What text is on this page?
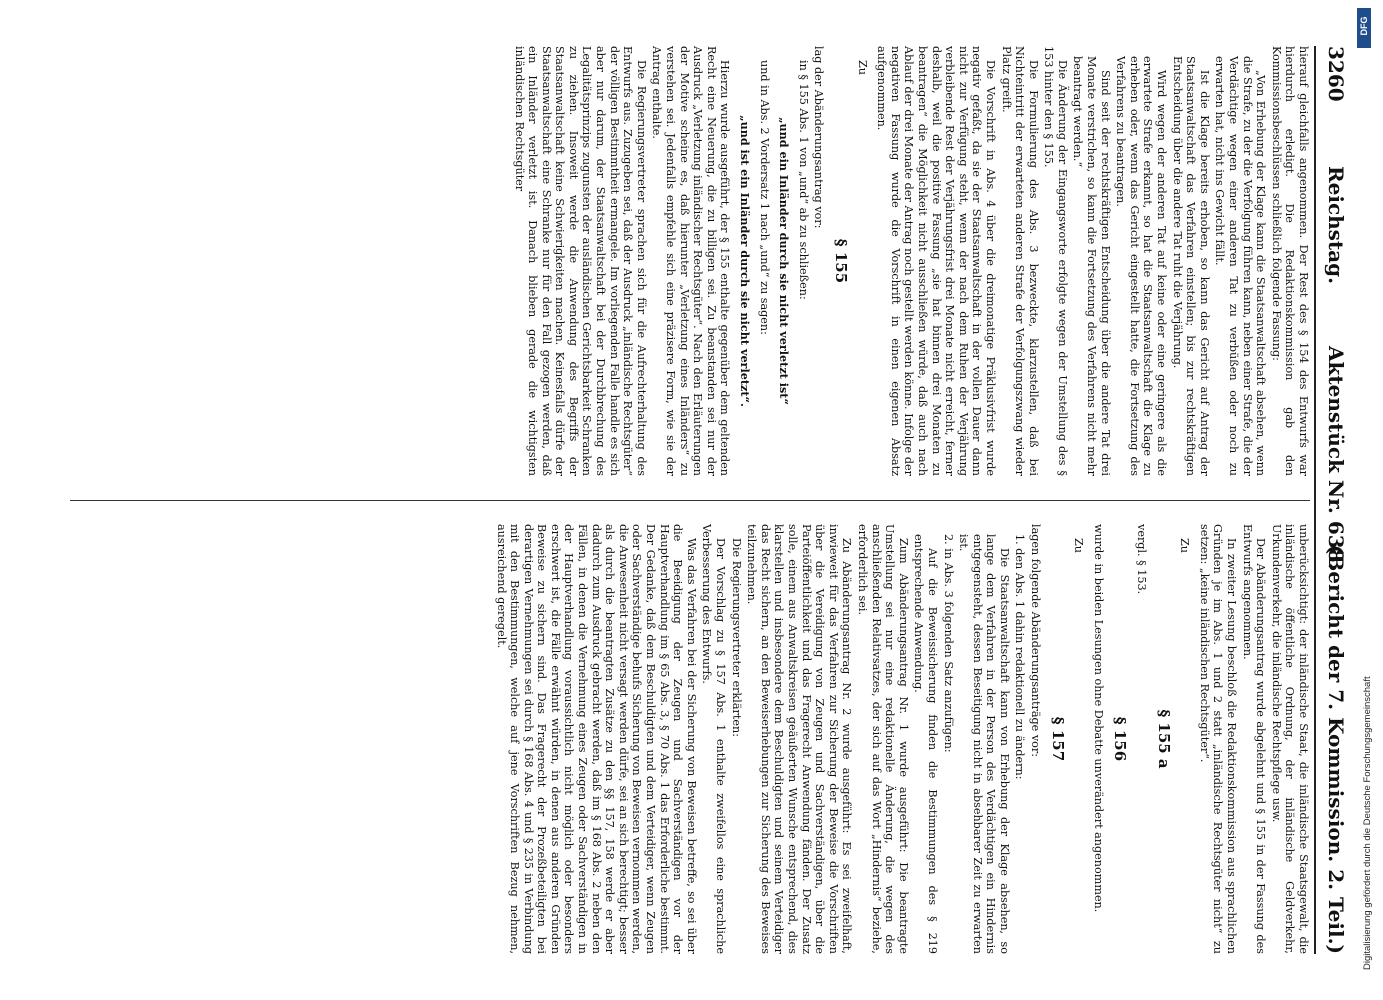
3260
Reichstag.
Aktenstück Nr. 638.
(Bericht der 7. Kommission. 2. Teil.)

hierauf gleichfalls angenommen. Der Rest des § 154 des Entwurfs war hierdurch erledigt. Die Redaktionskommission gab den Kommissionsbeschlüssen schließlich folgende Fassung:

„Von Erhebung der Klage kann die Staatsanwaltschaft absehen, wenn die Strafe, zu der die Verfolgung führen kann, neben einer Strafe, die der Verdächtige wegen einer anderen Tat zu verbüßen oder noch zu erwarten hat, nicht ins Gewicht fällt.

Ist die Klage bereits erhoben, so kann das Gericht auf Antrag der Staatsanwaltschaft das Verfahren einstellen; bis zur rechtskräftigen Entscheidung über die andere Tat ruht die Verjährung.

Wird wegen der anderen Tat auf keine oder eine geringere als die erwartete Strafe erkannt, so hat die Staatsanwaltschaft die Klage zu erheben oder, wenn das Gericht eingestellt hatte, die Fortsetzung des Verfahrens zu beantragen.

Sind seit der rechtskräftigen Entscheidung über die andere Tat drei Monate verstrichen, so kann die Fortsetzung des Verfahrens nicht mehr beantragt werden.“

Die Änderung der Eingangsworte erfolgte wegen der Umstellung des § 153 hinter den § 155.

Die Formulierung des Abs. 3 bezweckte, klarzustellen, daß bei Nichteintritt der erwarteten anderen Strafe der Verfolgungszwang wieder Platz greift.

Die Vorschrift in Abs. 4 über die dreimonatige Präklusivfrist wurde negativ gefaßt, da sie der Staatsanwaltschaft in der vollen Dauer dann nicht zur Verfügung steht, wenn der nach dem Ruhen der Verjährung verbleibende Rest der Verjährungsfrist drei Monate nicht erreicht, ferner deshalb, weil die positive Fassung „sie hat binnen drei Monaten zu beantragen“ die Möglichkeit nicht ausschließen würde, daß auch nach Ablauf der drei Monate der Antrag noch gestellt werden könne. Infolge der negativen Fassung wurde die Vorschrift in einen eigenen Absatz aufgenommen.

Zu

§ 155

lag der Abänderungsantrag vor:

in § 155 Abs. 1 von „und“ ab zu schließen:

„und ein Inländer durch sie nicht verletzt ist“

und in Abs. 2 Vordersatz 1 nach „und“ zu sagen:

„und ist ein Inländer durch sie nicht verletzt“.

Hierzu wurde ausgeführt, der § 155 enthalte gegenüber dem geltenden Recht eine Neuerung, die zu billigen sei. Zu beanstanden sei nur der Ausdruck „Verletzung inländischer Rechtsgüter“. Nach den Erläuterungen der Motive scheine es, daß hierunter „Verletzung eines Inländers“ zu verstehen sei. Jedenfalls empfehle sich eine präzisere Form, wie sie der Antrag enthalte.

Die Regierungsvertreter sprachen sich für die Aufrechterhaltung des Entwurfs aus. Zuzugeben sei, daß der Ausdruck „inländische Rechtsgüter“ der völligen Bestimmtheit ermangele. Im vorliegenden Falle handle es sich aber nur darum, der Staatsanwaltschaft bei der Durchbrechung des Legalitätsprinzips zugunsten der ausländischen Gerichtsbarkeit Schranken zu ziehen. Insoweit werde die Anwendung des Begriffs der Staatsanwaltschaft keine Schwierigkeiten machen. Keinesfalls dürfe der Staatsanwaltschaft eine Schranke nur für den Fall gezogen werden, daß ein Inländer verletzt ist. Danach blieben gerade die wichtigsten inländischen Rechtsgüter

unberücksichtigt: der inländische Staat, die inländische Staatsgewalt, die inländische öffentliche Ordnung, der inländische Geldverkehr, Urkundenverkehr, die inländische Rechtspflege usw.

Der Abänderungsantrag wurde abgelehnt und § 155 in der Fassung des Entwurfs angenommen.

In zweiter Lesung beschloß die Redaktionskommission aus sprachlichen Gründen je im Abs. 1 und 2 statt „inländische Rechtsgüter nicht“ zu setzen: „keine inländischen Rechtsgüter“.

Zu

§ 155 a

vergl. § 153.

§ 156

wurde in beiden Lesungen ohne Debatte unverändert angenommen.

Zu

§ 157

lagen folgende Abänderungsanträge vor:

1. den Abs. 1 dahin redaktionell zu ändern:

Die Staatsanwaltschaft kann von Erhebung der Klage absehen, so lange dem Verfahren in der Person des Verdächtigen ein Hindernis entgegensteht, dessen Beseitigung nicht in absehbarer Zeit zu erwarten ist.

2. in Abs. 3 folgenden Satz anzufügen:

Auf die Beweissicherung finden die Bestimmungen des § 219 entsprechende Anwendung.

Zum Abänderungsantrag Nr. 1 wurde ausgeführt: Die beantragte Umstellung sei nur eine redaktionelle Änderung, die wegen des anschließenden Relativsatzes, der sich auf das Wort „Hindernis“ beziehe, erforderlich sei.

Zu Abänderungsantrag Nr. 2 wurde ausgeführt: Es sei zweifelhaft, inwieweit für das Verfahren zur Sicherung der Beweise die Vorschriften über die Vereidigung von Zeugen und Sachverständigen, über die Parteiöffentlichkeit und das Fragerecht Anwendung fänden. Der Zusatz solle, einem aus Anwaltskreisen geäußerten Wunsche entsprechend, dies klarstellen und insbesondere dem Beschuldigten und seinem Verteidiger das Recht sichern, an den Beweiserhebungen zur Sicherung des Beweises teilzunehmen.

Die Regierungsvertreter erklärten:

Der Vorschlag zu § 157 Abs. 1 enthalte zweifellos eine sprachliche Verbesserung des Entwurfs.

Was das Verfahren bei der Sicherung von Beweisen betreffe, so sei über die Beeidigung der Zeugen und Sachverständigen vor der Hauptverhandlung im § 65 Abs. 3, § 70 Abs. 1 das Erforderliche bestimmt. Der Gedanke, daß dem Beschuldigten und dem Verteidiger, wenn Zeugen oder Sachverständige behufs Sicherung von Beweisen vernommen werden, die Anwesenheit nicht versagt werden dürfe, sei an sich berechtigt; besser als durch die beantragten Zusätze zu den §§ 157, 158 werde er aber dadurch zum Ausdruck gebracht werden, daß im § 168 Abs. 2 neben den Fällen, in denen die Vernehmung eines Zeugen oder Sachverständigen in der Hauptverhandlung voraussichtlich nicht möglich oder besonders erschwert ist, die Fälle erwähnt würden, in denen aus anderen Gründen Beweise zu sichern sind. Das Fragerecht der Prozeßbeteiligten bei derartigen Vernehmungen sei durch § 168 Abs. 4 und § 235 in Verbindung mit den Bestimmungen, welche auf jene Vorschriften Bezug nehmen, ausreichend geregelt.

DFG
Digitalisierung gefördert durch die Deutsche Forschungsgemeinschaft
